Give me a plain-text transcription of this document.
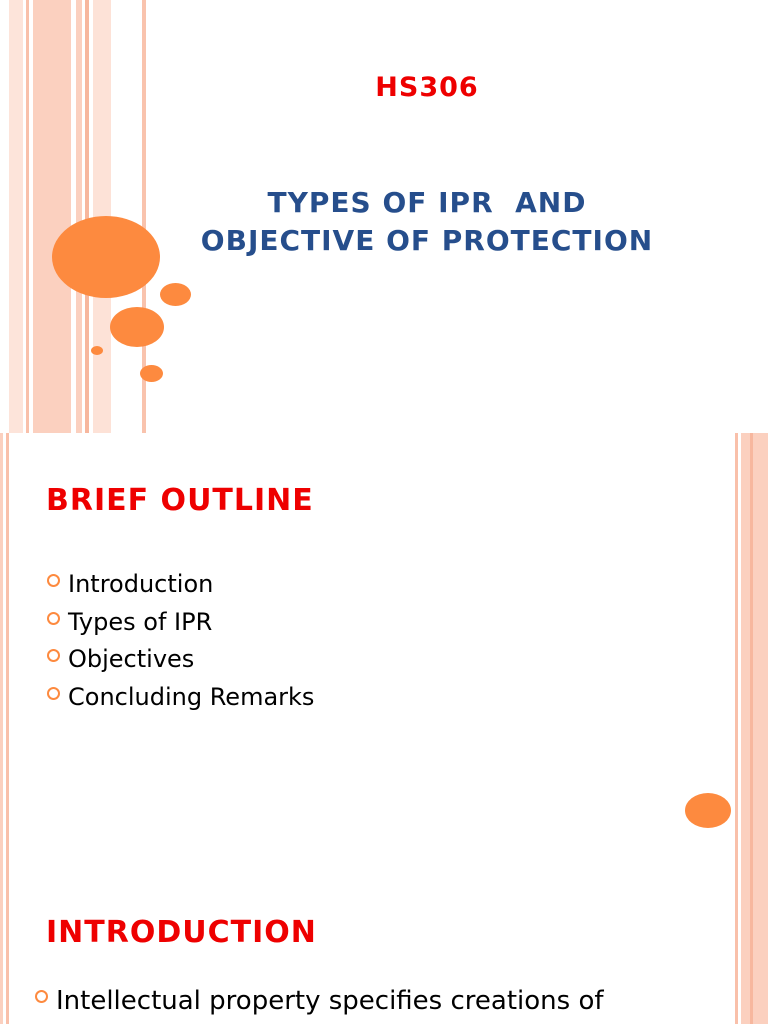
HS306

TYPES OF IPR  AND
OBJECTIVE OF PROTECTION
BRIEF OUTLINE
Introduction
Types of IPR
Objectives
Concluding Remarks
INTRODUCTION

Intellectual property specifies creations of
